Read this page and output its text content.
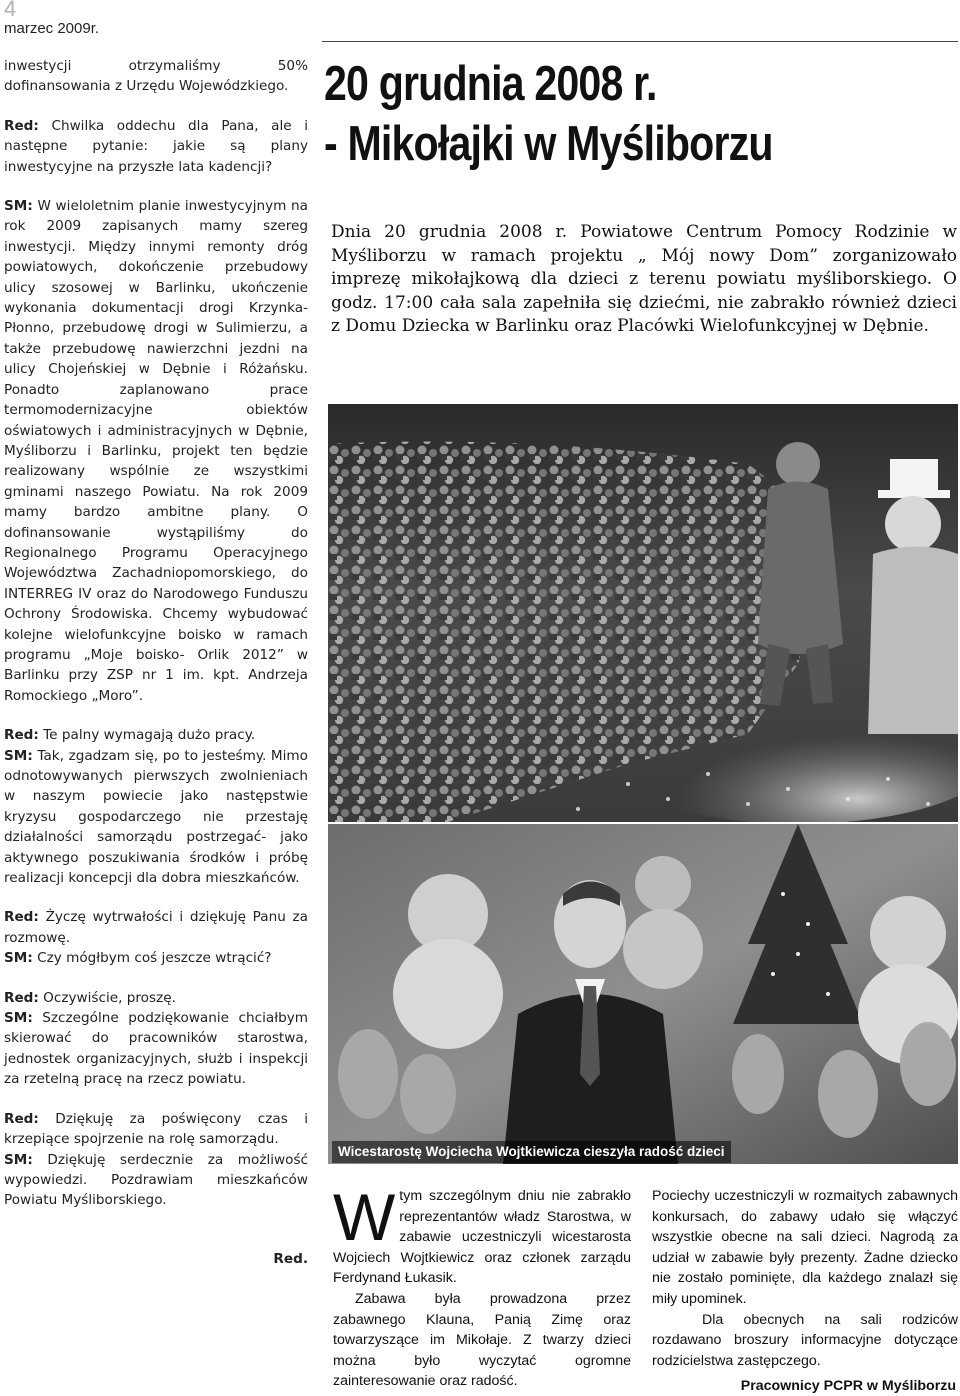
4
marzec 2009r.

inwestycji otrzymaliśmy 50% dofinansowania z Urzędu Wojewódzkiego.

Red: Chwilka oddechu dla Pana, ale i następne pytanie: jakie są plany inwestycyjne na przyszłe lata kadencji?

SM: W wieloletnim planie inwestycyjnym na rok 2009 zapisanych mamy szereg inwestycji. Między innymi remonty dróg powiatowych, dokończenie przebudowy ulicy szosowej w Barlinku, ukończenie wykonania dokumentacji drogi Krzynka- Płonno, przebudowę drogi w Sulimierzu, a także przebudowę nawierzchni jezdni na ulicy Chojeńskiej w Dębnie i Różańsku. Ponadto zaplanowano prace termomodernizacyjne obiektów oświatowych i administracyjnych w Dębnie, Myśliborzu i Barlinku, projekt ten będzie realizowany wspólnie ze wszystkimi gminami naszego Powiatu. Na rok 2009 mamy bardzo ambitne plany. O dofinansowanie wystąpiliśmy do Regionalnego Programu Operacyjnego Województwa Zachadniopomorskiego, do INTERREG IV oraz do Narodowego Funduszu Ochrony Środowiska. Chcemy wybudować kolejne wielofunkcyjne boisko w ramach programu „Moje boisko- Orlik 2012” w Barlinku przy ZSP nr 1 im. kpt. Andrzeja Romockiego „Moro”.

Red: Te palny wymagają dużo pracy.

SM: Tak, zgadzam się, po to jesteśmy. Mimo odnotowywanych pierwszych zwolnieniach w naszym powiecie jako następstwie kryzysu gospodarczego nie przestaję działalności samorządu postrzegać- jako aktywnego poszukiwania środków i próbę realizacji koncepcji dla dobra mieszkańców.

Red: Życzę wytrwałości i dziękuję Panu za rozmowę.

SM: Czy mógłbym coś jeszcze wtrącić?

Red: Oczywiście, proszę.

SM: Szczególne podziękowanie chciałbym skierować do pracowników starostwa, jednostek organizacyjnych, służb i inspekcji za rzetelną pracę na rzecz powiatu.

Red: Dziękuję za poświęcony czas i krzepiące spojrzenie na rolę samorządu.

SM: Dziękuję serdecznie za możliwość wypowiedzi. Pozdrawiam mieszkańców Powiatu Myśliborskiego.

Red.
20 grudnia 2008 r.
- Mikołajki w Myśliborzu
Dnia 20 grudnia 2008 r. Powiatowe Centrum Pomocy Rodzinie w Myśliborzu w ramach projektu „ Mój nowy Dom” zorganizowało imprezę mikołajkową dla dzieci z terenu powiatu myśliborskiego. O godz. 17:00 cała sala zapełniła się dziećmi, nie zabrakło również dzieci z Domu Dziecka w Barlinku oraz Placówki Wielofunkcyjnej w Dębnie.
Wicestarostę Wojciecha Wojtkiewicza cieszyła radość dzieci
W tym szczególnym dniu nie zabrakło reprezentantów władz Starostwa, w zabawie uczestniczyli wicestarosta Wojciech Wojtkiewicz oraz członek zarządu Ferdynand Łukasik.

Zabawa była prowadzona przez zabawnego Klauna, Panią Zimę oraz towarzyszące im Mikołaje. Z twarzy dzieci można było wyczytać ogromne zainteresowanie oraz radość.

Pociechy uczestniczyli w rozmaitych zabawnych konkursach, do zabawy udało się włączyć wszystkie obecne na sali dzieci. Nagrodą za udział w zabawie były prezenty. Żadne dziecko nie zostało pominięte, dla każdego znalazł się miły upominek.

Dla obecnych na sali rodziców rozdawano broszury informacyjne dotyczące rodzicielstwa zastępczego.

Pracownicy PCPR w Myśliborzu
